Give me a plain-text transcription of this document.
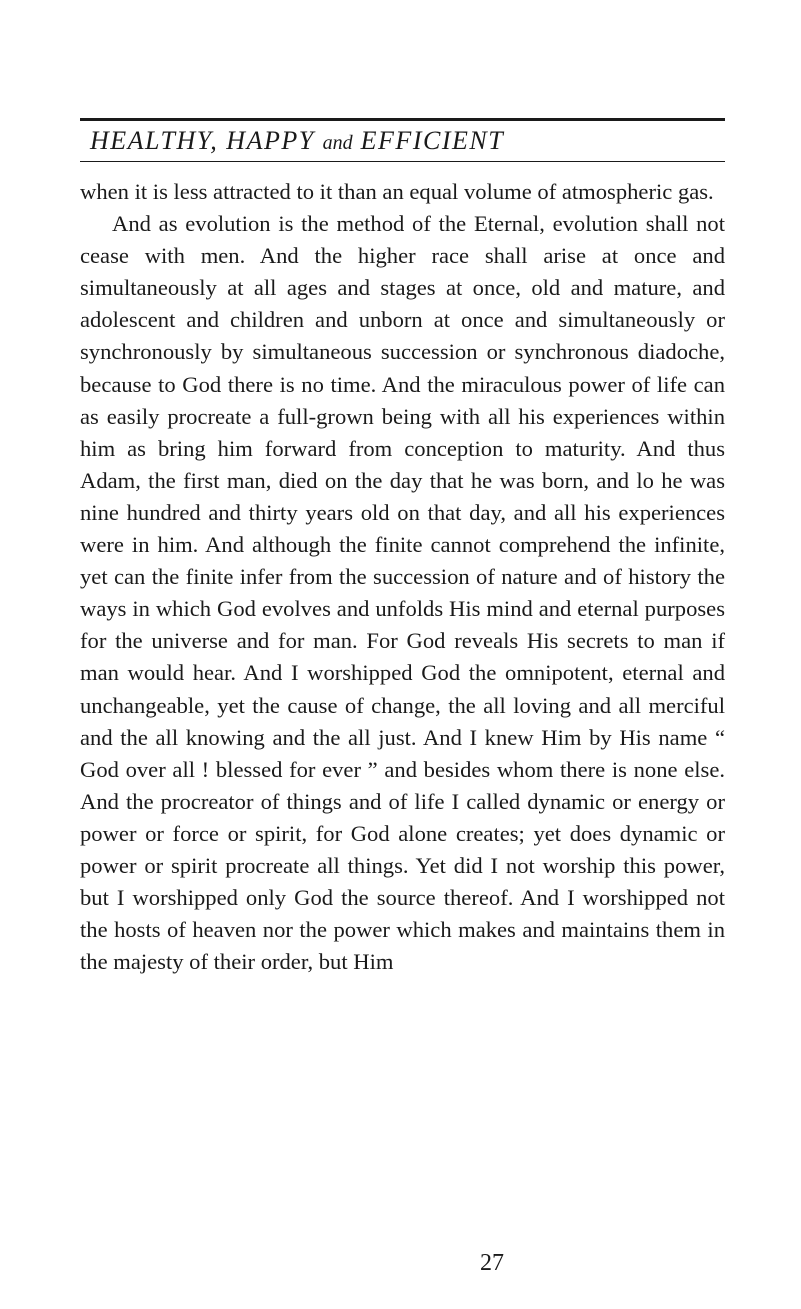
HEALTHY, HAPPY and EFFICIENT

when it is less attracted to it than an equal volume of atmospheric gas.

And as evolution is the method of the Eternal, evolution shall not cease with men. And the higher race shall arise at once and simultaneously at all ages and stages at once, old and mature, and adolescent and children and unborn at once and simultaneously or synchronously by simultaneous succession or synchronous diadoche, because to God there is no time. And the miraculous power of life can as easily procreate a full-grown being with all his experiences within him as bring him forward from conception to maturity. And thus Adam, the first man, died on the day that he was born, and lo he was nine hundred and thirty years old on that day, and all his experiences were in him. And although the finite cannot comprehend the infinite, yet can the finite infer from the succession of nature and of history the ways in which God evolves and unfolds His mind and eternal purposes for the universe and for man. For God reveals His secrets to man if man would hear. And I worshipped God the omnipotent, eternal and unchangeable, yet the cause of change, the all loving and all merciful and the all knowing and the all just. And I knew Him by His name “ God over all ! blessed for ever ” and besides whom there is none else. And the procreator of things and of life I called dynamic or energy or power or force or spirit, for God alone creates; yet does dynamic or power or spirit procreate all things. Yet did I not worship this power, but I worshipped only God the source thereof. And I worshipped not the hosts of heaven nor the power which makes and maintains them in the majesty of their order, but Him

27
